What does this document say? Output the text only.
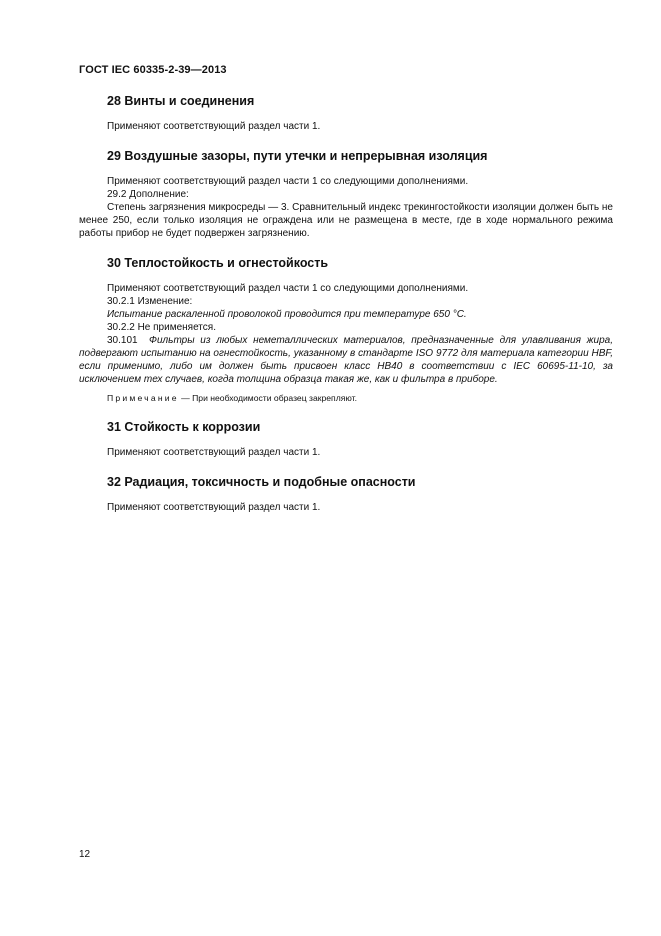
ГОСТ IEC 60335-2-39—2013
28 Винты и соединения

Применяют соответствующий раздел части 1.

29 Воздушные зазоры, пути утечки и непрерывная изоляция

Применяют соответствующий раздел части 1 со следующими дополнениями.

29.2 Дополнение:

Степень загрязнения микросреды — 3. Сравнительный индекс трекингостойкости изоляции должен быть не менее 250, если только изоляция не ограждена или не размещена в месте, где в ходе нормального режима работы прибор не будет подвержен загрязнению.

30 Теплостойкость и огнестойкость

Применяют соответствующий раздел части 1 со следующими дополнениями.

30.2.1 Изменение:

Испытание раскаленной проволокой проводится при температуре 650 °С.

30.2.2 Не применяется.

30.101 Фильтры из любых неметаллических материалов, предназначенные для улавливания жира, подвергают испытанию на огнестойкость, указанному в стандарте ISO 9772 для материала категории HBF, если применимо, либо им должен быть присвоен класс НВ40 в соответствии с IEC 60695-11-10, за исключением тех случаев, когда толщина образца такая же, как и фильтра в приборе.

Примечание — При необходимости образец закрепляют.

31 Стойкость к коррозии

Применяют соответствующий раздел части 1.

32 Радиация, токсичность и подобные опасности

Применяют соответствующий раздел части 1.

12
